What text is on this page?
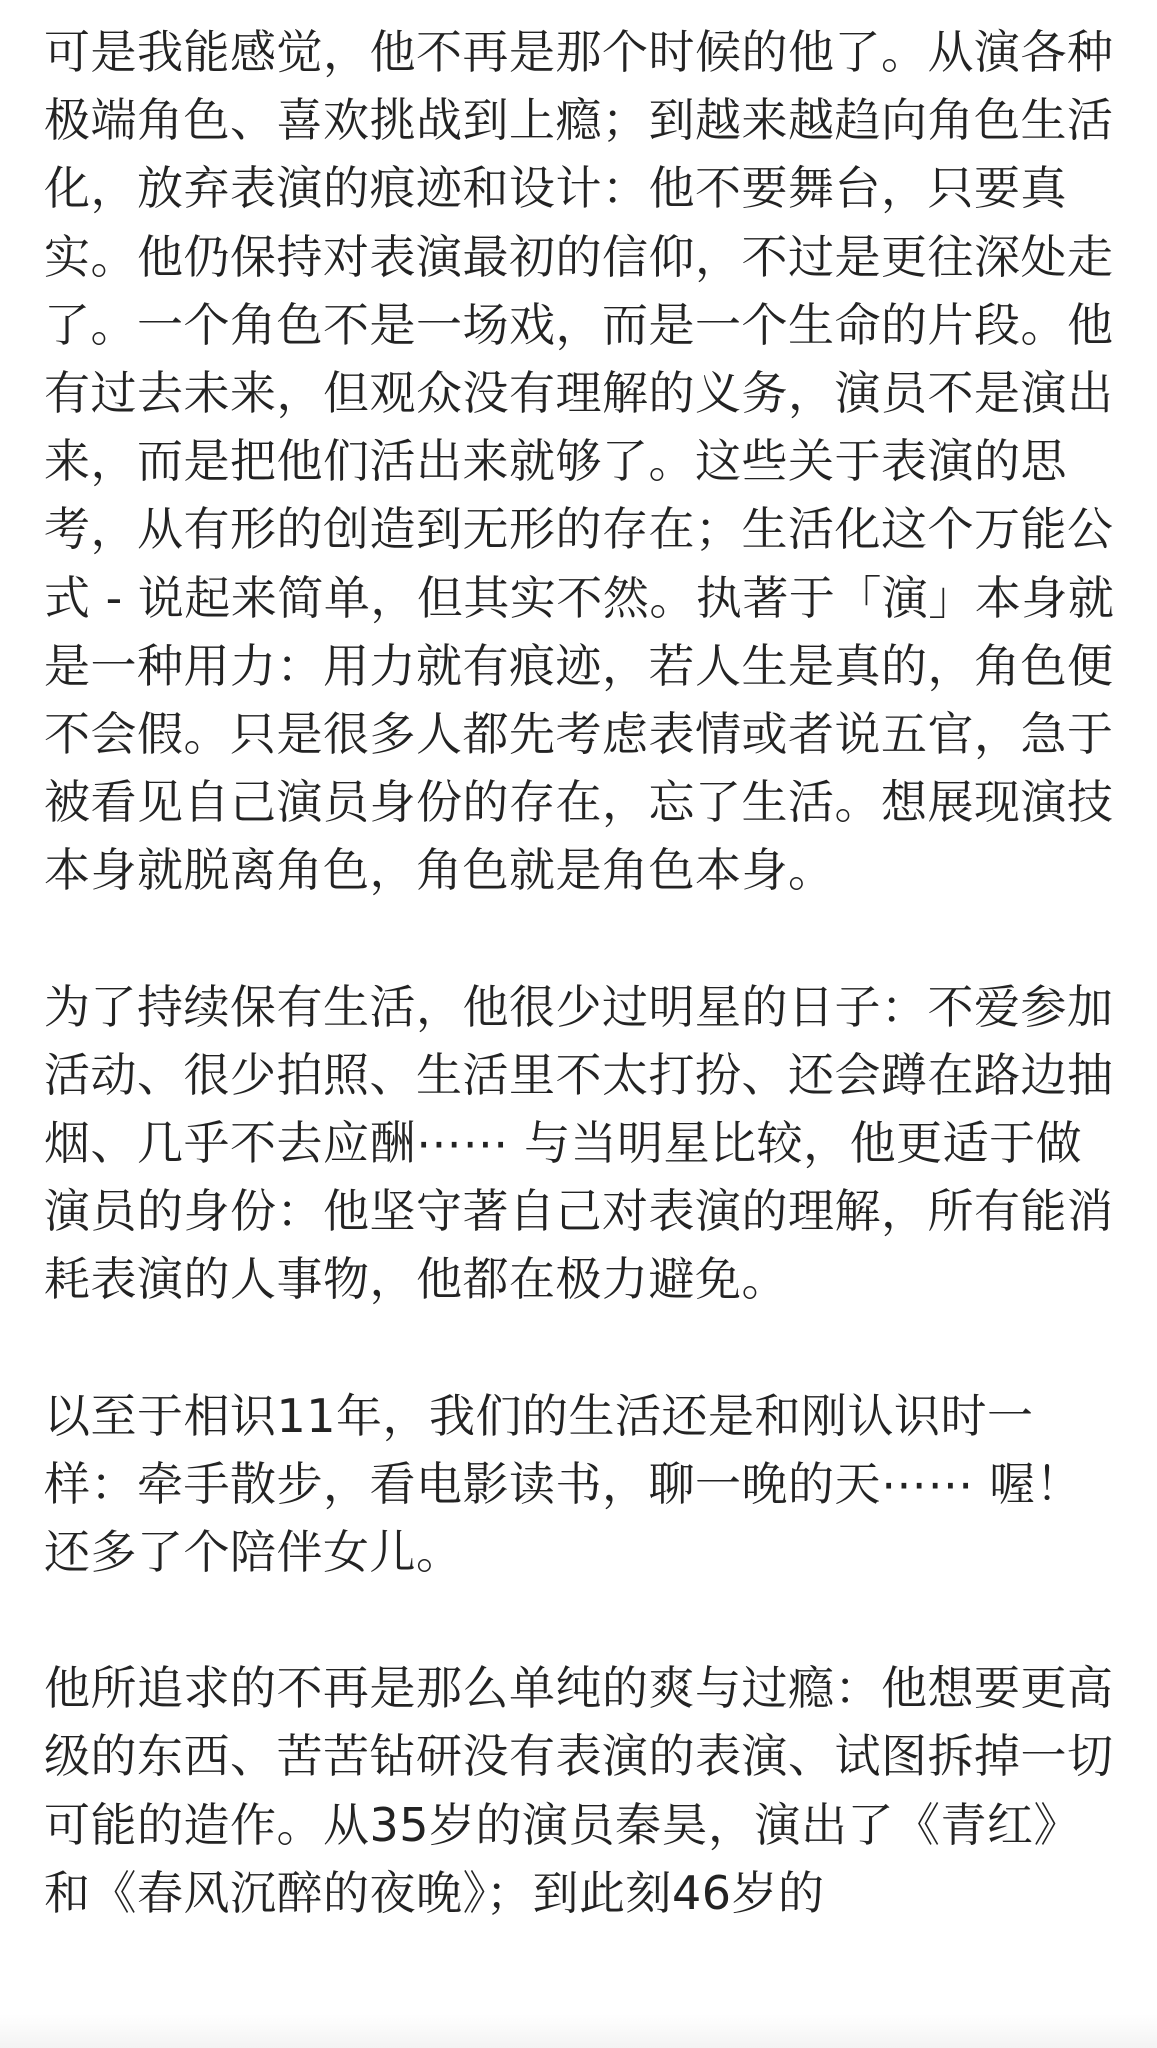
可是我能感觉，他不再是那个时候的他了。从演各种极端角色、喜欢挑战到上瘾；到越来越趋向角色生活化，放弃表演的痕迹和设计：他不要舞台，只要真实。他仍保持对表演最初的信仰，不过是更往深处走了。一个角色不是一场戏，而是一个生命的片段。他有过去未来，但观众没有理解的义务，演员不是演出来，而是把他们活出来就够了。这些关于表演的思考，从有形的创造到无形的存在；生活化这个万能公式 - 说起来简单，但其实不然。执著于「演」本身就是一种用力：用力就有痕迹，若人生是真的，角色便不会假。只是很多人都先考虑表情或者说五官，急于被看见自己演员身份的存在，忘了生活。想展现演技本身就脱离角色，角色就是角色本身。

为了持续保有生活，他很少过明星的日子：不爱参加活动、很少拍照、生活里不太打扮、还会蹲在路边抽烟、几乎不去应酬⋯⋯ 与当明星比较，他更适于做演员的身份：他坚守著自己对表演的理解，所有能消耗表演的人事物，他都在极力避免。

以至于相识11年，我们的生活还是和刚认识时一样：牵手散步，看电影读书，聊一晚的天⋯⋯ 喔！还多了个陪伴女儿。

他所追求的不再是那么单纯的爽与过瘾：他想要更高级的东西、苦苦钻研没有表演的表演、试图拆掉一切可能的造作。从35岁的演员秦昊，演出了《青红》和《春风沉醉的夜晚》；到此刻46岁的
